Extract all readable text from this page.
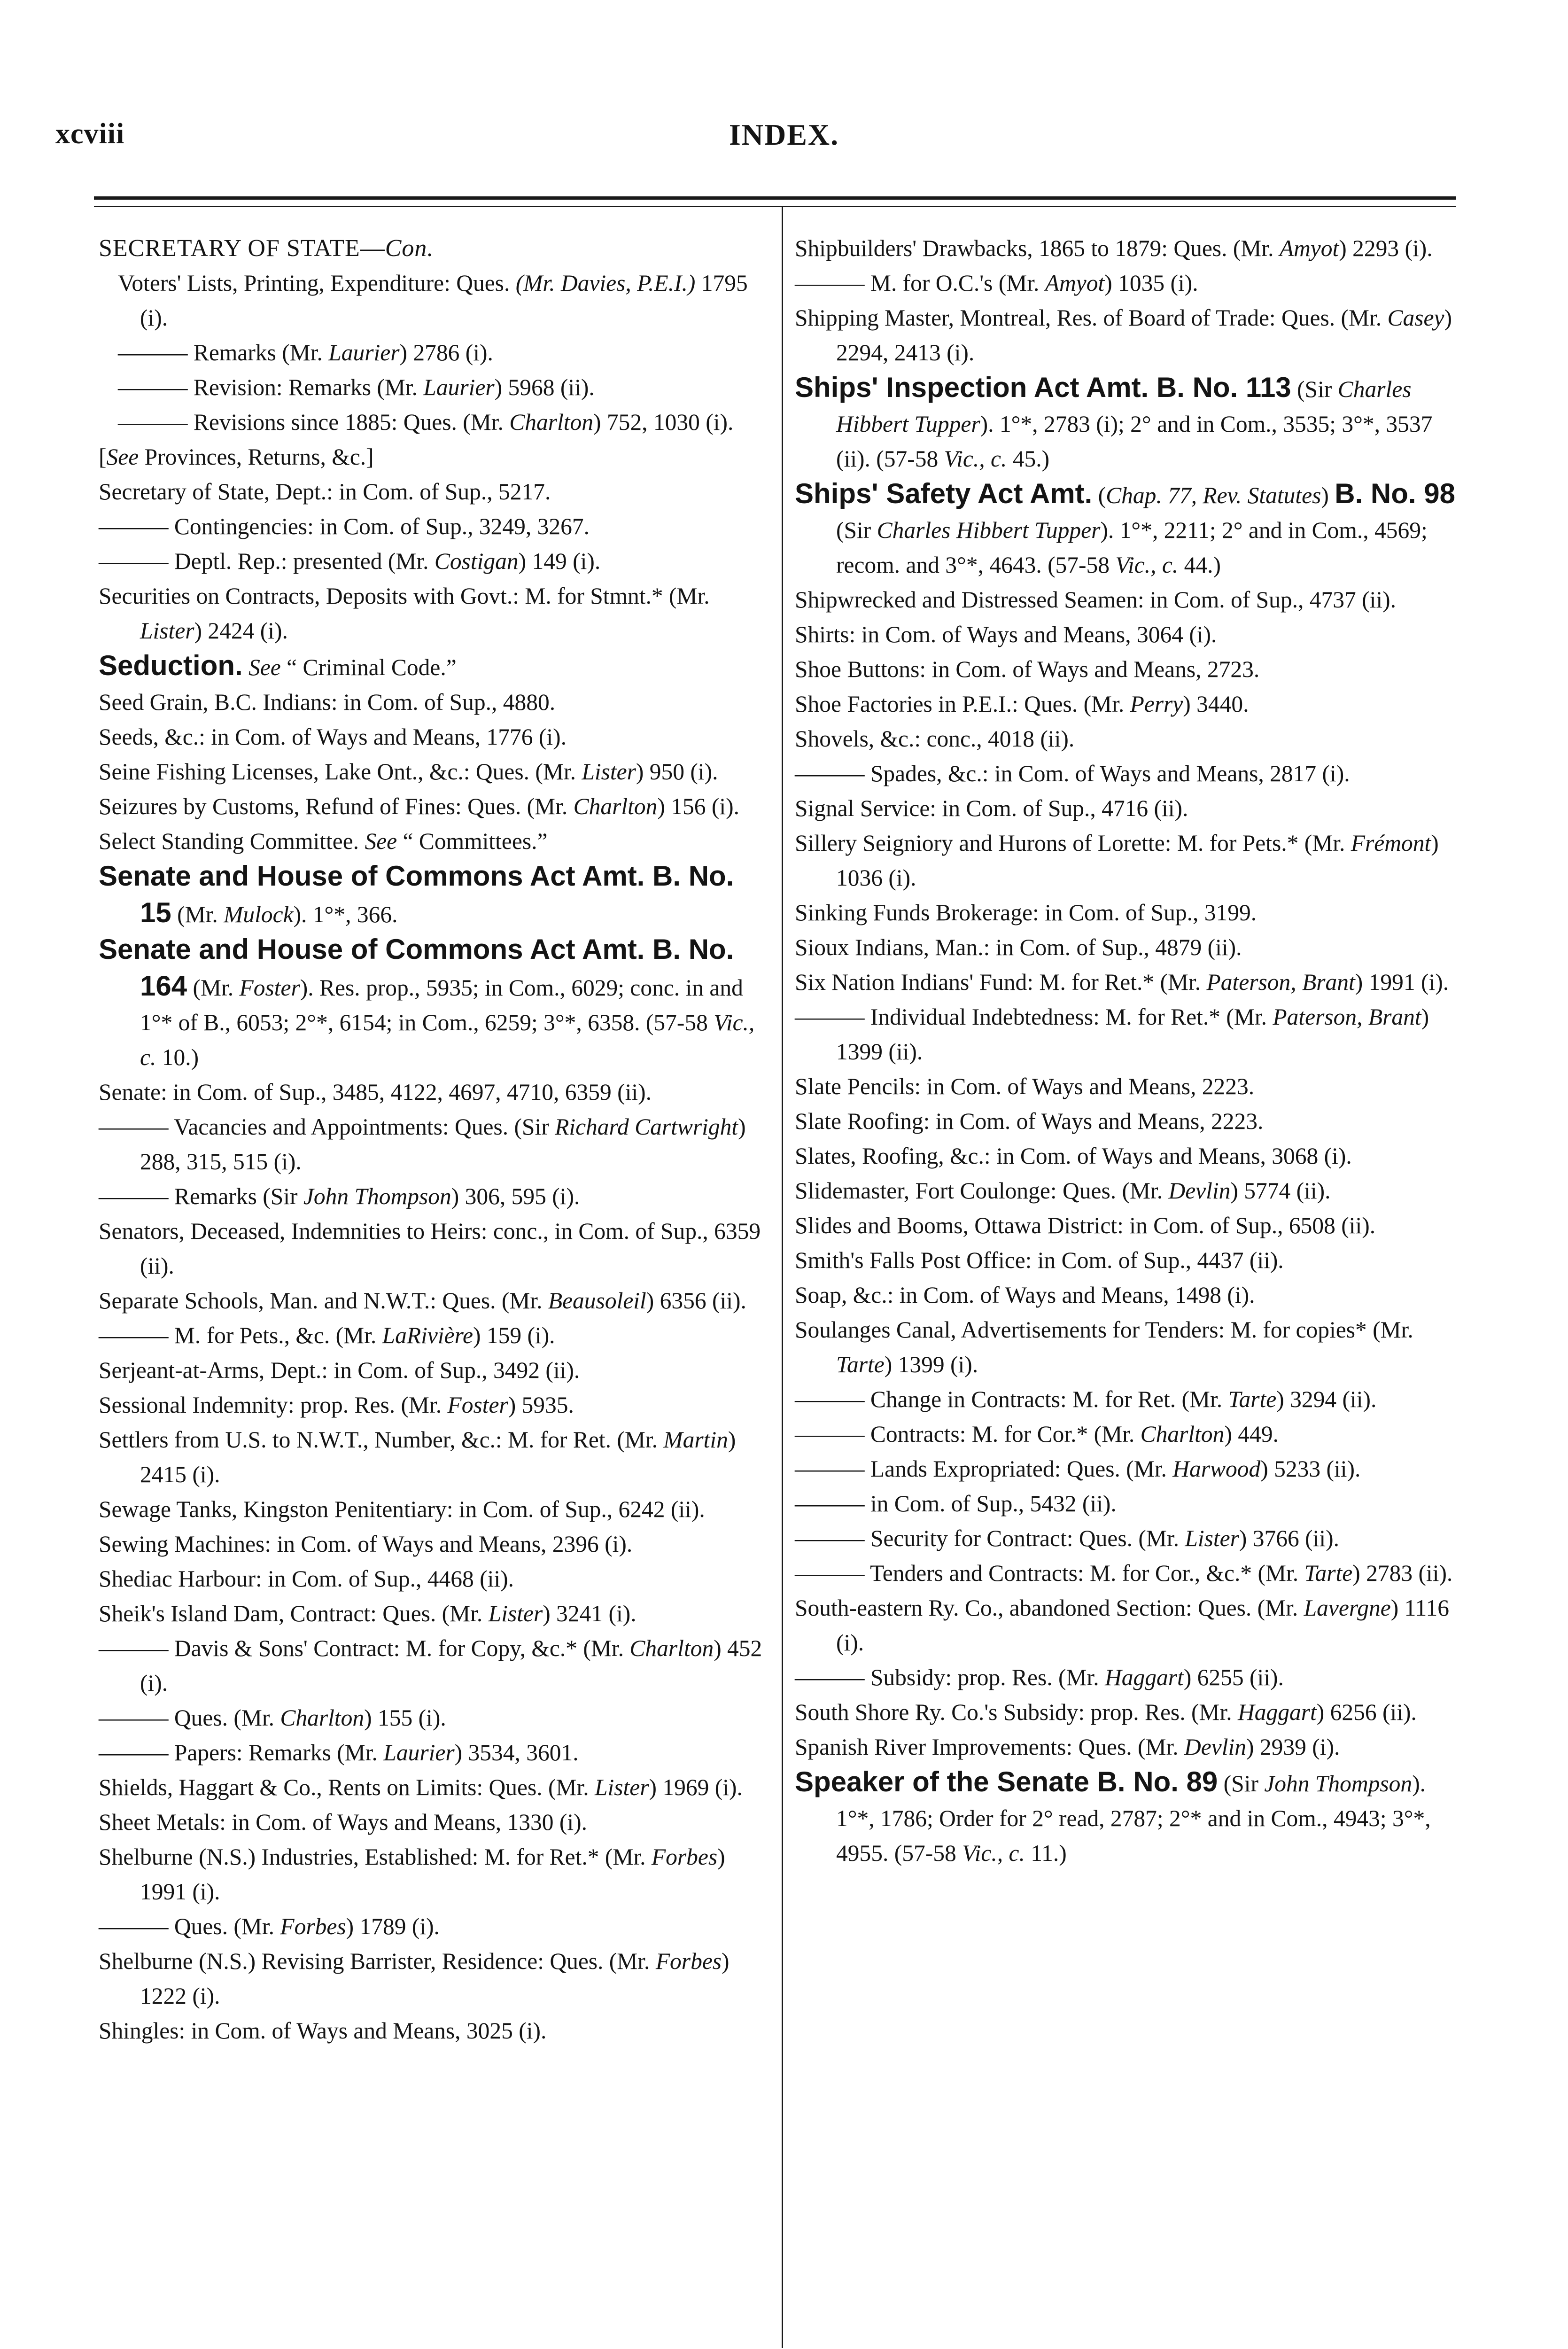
xcviii	INDEX.

SECRETARY OF STATE—Con.

Voters' Lists, Printing, Expenditure: Ques. (Mr. Davies, P.E.I.) 1795 (i).

——— Remarks (Mr. Laurier) 2786 (i).

——— Revision: Remarks (Mr. Laurier) 5968 (ii).

——— Revisions since 1885: Ques. (Mr. Charlton) 752, 1030 (i).

[See Provinces, Returns, &c.]

Secretary of State, Dept.: in Com. of Sup., 5217.

——— Contingencies: in Com. of Sup., 3249, 3267.

——— Deptl. Rep.: presented (Mr. Costigan) 149 (i).

Securities on Contracts, Deposits with Govt.: M. for Stmnt.* (Mr. Lister) 2424 (i).

Seduction. See “ Criminal Code.”

Seed Grain, B.C. Indians: in Com. of Sup., 4880.

Seeds, &c.: in Com. of Ways and Means, 1776 (i).

Seine Fishing Licenses, Lake Ont., &c.: Ques. (Mr. Lister) 950 (i).

Seizures by Customs, Refund of Fines: Ques. (Mr. Charlton) 156 (i).

Select Standing Committee. See “ Committees.”

Senate and House of Commons Act Amt. B. No. 15 (Mr. Mulock). 1°*, 366.

Senate and House of Commons Act Amt. B. No. 164 (Mr. Foster). Res. prop., 5935; in Com., 6029; conc. in and 1°* of B., 6053; 2°*, 6154; in Com., 6259; 3°*, 6358. (57-58 Vic., c. 10.)

Senate: in Com. of Sup., 3485, 4122, 4697, 4710, 6359 (ii).

——— Vacancies and Appointments: Ques. (Sir Richard Cartwright) 288, 315, 515 (i).

——— Remarks (Sir John Thompson) 306, 595 (i).

Senators, Deceased, Indemnities to Heirs: conc., in Com. of Sup., 6359 (ii).

Separate Schools, Man. and N.W.T.: Ques. (Mr. Beausoleil) 6356 (ii).

——— M. for Pets., &c. (Mr. LaRivière) 159 (i).

Serjeant-at-Arms, Dept.: in Com. of Sup., 3492 (ii).

Sessional Indemnity: prop. Res. (Mr. Foster) 5935.

Settlers from U.S. to N.W.T., Number, &c.: M. for Ret. (Mr. Martin) 2415 (i).

Sewage Tanks, Kingston Penitentiary: in Com. of Sup., 6242 (ii).

Sewing Machines: in Com. of Ways and Means, 2396 (i).

Shediac Harbour: in Com. of Sup., 4468 (ii).

Sheik's Island Dam, Contract: Ques. (Mr. Lister) 3241 (i).

——— Davis & Sons' Contract: M. for Copy, &c.* (Mr. Charlton) 452 (i).

——— Ques. (Mr. Charlton) 155 (i).

——— Papers: Remarks (Mr. Laurier) 3534, 3601.

Shields, Haggart & Co., Rents on Limits: Ques. (Mr. Lister) 1969 (i).

Sheet Metals: in Com. of Ways and Means, 1330 (i).

Shelburne (N.S.) Industries, Established: M. for Ret.* (Mr. Forbes) 1991 (i).

——— Ques. (Mr. Forbes) 1789 (i).

Shelburne (N.S.) Revising Barrister, Residence: Ques. (Mr. Forbes) 1222 (i).

Shingles: in Com. of Ways and Means, 3025 (i).

Shipbuilders' Drawbacks, 1865 to 1879: Ques. (Mr. Amyot) 2293 (i).

——— M. for O.C.'s (Mr. Amyot) 1035 (i).

Shipping Master, Montreal, Res. of Board of Trade: Ques. (Mr. Casey) 2294, 2413 (i).

Ships' Inspection Act Amt. B. No. 113 (Sir Charles Hibbert Tupper). 1°*, 2783 (i); 2° and in Com., 3535; 3°*, 3537 (ii). (57-58 Vic., c. 45.)

Ships' Safety Act Amt. (Chap. 77, Rev. Statutes) B. No. 98 (Sir Charles Hibbert Tupper). 1°*, 2211; 2° and in Com., 4569; recom. and 3°*, 4643. (57-58 Vic., c. 44.)

Shipwrecked and Distressed Seamen: in Com. of Sup., 4737 (ii).

Shirts: in Com. of Ways and Means, 3064 (i).

Shoe Buttons: in Com. of Ways and Means, 2723.

Shoe Factories in P.E.I.: Ques. (Mr. Perry) 3440.

Shovels, &c.: conc., 4018 (ii).

——— Spades, &c.: in Com. of Ways and Means, 2817 (i).

Signal Service: in Com. of Sup., 4716 (ii).

Sillery Seigniory and Hurons of Lorette: M. for Pets.* (Mr. Frémont) 1036 (i).

Sinking Funds Brokerage: in Com. of Sup., 3199.

Sioux Indians, Man.: in Com. of Sup., 4879 (ii).

Six Nation Indians' Fund: M. for Ret.* (Mr. Paterson, Brant) 1991 (i).

——— Individual Indebtedness: M. for Ret.* (Mr. Paterson, Brant) 1399 (ii).

Slate Pencils: in Com. of Ways and Means, 2223.

Slate Roofing: in Com. of Ways and Means, 2223.

Slates, Roofing, &c.: in Com. of Ways and Means, 3068 (i).

Slidemaster, Fort Coulonge: Ques. (Mr. Devlin) 5774 (ii).

Slides and Booms, Ottawa District: in Com. of Sup., 6508 (ii).

Smith's Falls Post Office: in Com. of Sup., 4437 (ii).

Soap, &c.: in Com. of Ways and Means, 1498 (i).

Soulanges Canal, Advertisements for Tenders: M. for copies* (Mr. Tarte) 1399 (i).

——— Change in Contracts: M. for Ret. (Mr. Tarte) 3294 (ii).

——— Contracts: M. for Cor.* (Mr. Charlton) 449.

——— Lands Expropriated: Ques. (Mr. Harwood) 5233 (ii).

——— in Com. of Sup., 5432 (ii).

——— Security for Contract: Ques. (Mr. Lister) 3766 (ii).

——— Tenders and Contracts: M. for Cor., &c.* (Mr. Tarte) 2783 (ii).

South-eastern Ry. Co., abandoned Section: Ques. (Mr. Lavergne) 1116 (i).

——— Subsidy: prop. Res. (Mr. Haggart) 6255 (ii).

South Shore Ry. Co.'s Subsidy: prop. Res. (Mr. Haggart) 6256 (ii).

Spanish River Improvements: Ques. (Mr. Devlin) 2939 (i).

Speaker of the Senate B. No. 89 (Sir John Thompson). 1°*, 1786; Order for 2° read, 2787; 2°* and in Com., 4943; 3°*, 4955. (57-58 Vic., c. 11.)
